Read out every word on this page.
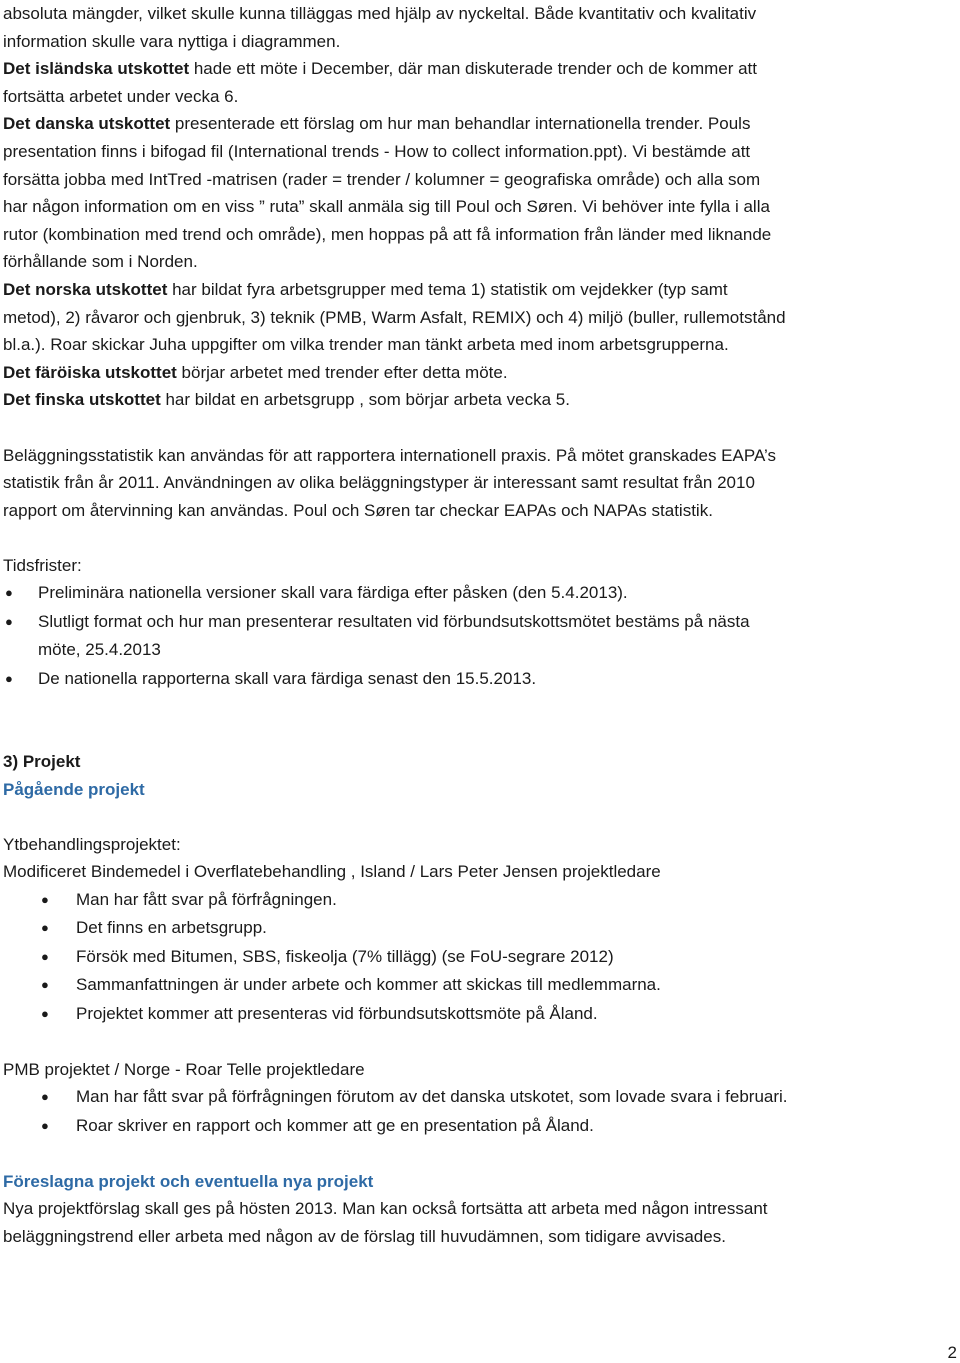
absoluta mängder, vilket skulle kunna tilläggas med hjälp av nyckeltal. Både kvantitativ och kvalitativ
information skulle vara nyttiga i diagrammen.
Det isländska utskottet hade ett möte i December, där man diskuterade trender och de kommer att
fortsätta arbetet under vecka 6.
Det danska utskottet presenterade ett förslag om hur man behandlar internationella trender. Pouls
presentation finns i bifogad fil (International trends - How to collect information.ppt). Vi bestämde att
forsätta jobba med IntTred -matrisen (rader = trender / kolumner = geografiska område) och alla som
har någon information om en viss ” ruta” skall anmäla sig till Poul och Søren. Vi behöver inte fylla i alla
rutor (kombination med trend och område), men hoppas på att få information från länder med liknande
förhållande som i Norden.
Det norska utskottet har bildat fyra arbetsgrupper med tema 1) statistik om vejdekker (typ samt
metod), 2) råvaror och gjenbruk, 3) teknik (PMB, Warm Asfalt, REMIX) och 4) miljö (buller, rullemotstånd
bl.a.). Roar skickar Juha uppgifter om vilka trender man tänkt arbeta med inom arbetsgrupperna.
Det färöiska utskottet börjar arbetet med trender efter detta möte.
Det finska utskottet har bildat en arbetsgrupp , som börjar arbeta vecka 5.
Beläggningsstatistik kan användas för att rapportera internationell praxis. På mötet granskades EAPA’s
statistik från år 2011. Användningen av olika beläggningstyper är interessant samt resultat från 2010
rapport om återvinning kan användas. Poul och Søren tar checkar EAPAs och NAPAs statistik.
Tidsfrister:
● Preliminära nationella versioner skall vara färdiga efter påsken (den 5.4.2013).
● Slutligt format och hur man presenterar resultaten vid förbundsutskottsmötet bestäms på nästa
möte, 25.4.2013
● De nationella rapporterna skall vara färdiga senast den 15.5.2013.
3) Projekt
Pågående projekt
Ytbehandlingsprojektet:
Modificeret Bindemedel i Overflatebehandling , Island / Lars Peter Jensen projektledare
● Man har fått svar på förfrågningen.
● Det finns en arbetsgrupp.
● Försök med Bitumen, SBS, fiskeolja (7% tillägg) (se FoU-segrare 2012)
● Sammanfattningen är under arbete och kommer att skickas till medlemmarna.
● Projektet kommer att presenteras vid förbundsutskottsmöte på Åland.
PMB projektet / Norge - Roar Telle projektledare
● Man har fått svar på förfrågningen förutom av det danska utskotet, som lovade svara i februari.
● Roar skriver en rapport och kommer att ge en presentation på Åland.
Föreslagna projekt och eventuella nya projekt
Nya projektförslag skall ges på hösten 2013. Man kan också fortsätta att arbeta med någon intressant
beläggningstrend eller arbeta med någon av de förslag till huvudämnen, som tidigare avvisades.
2
